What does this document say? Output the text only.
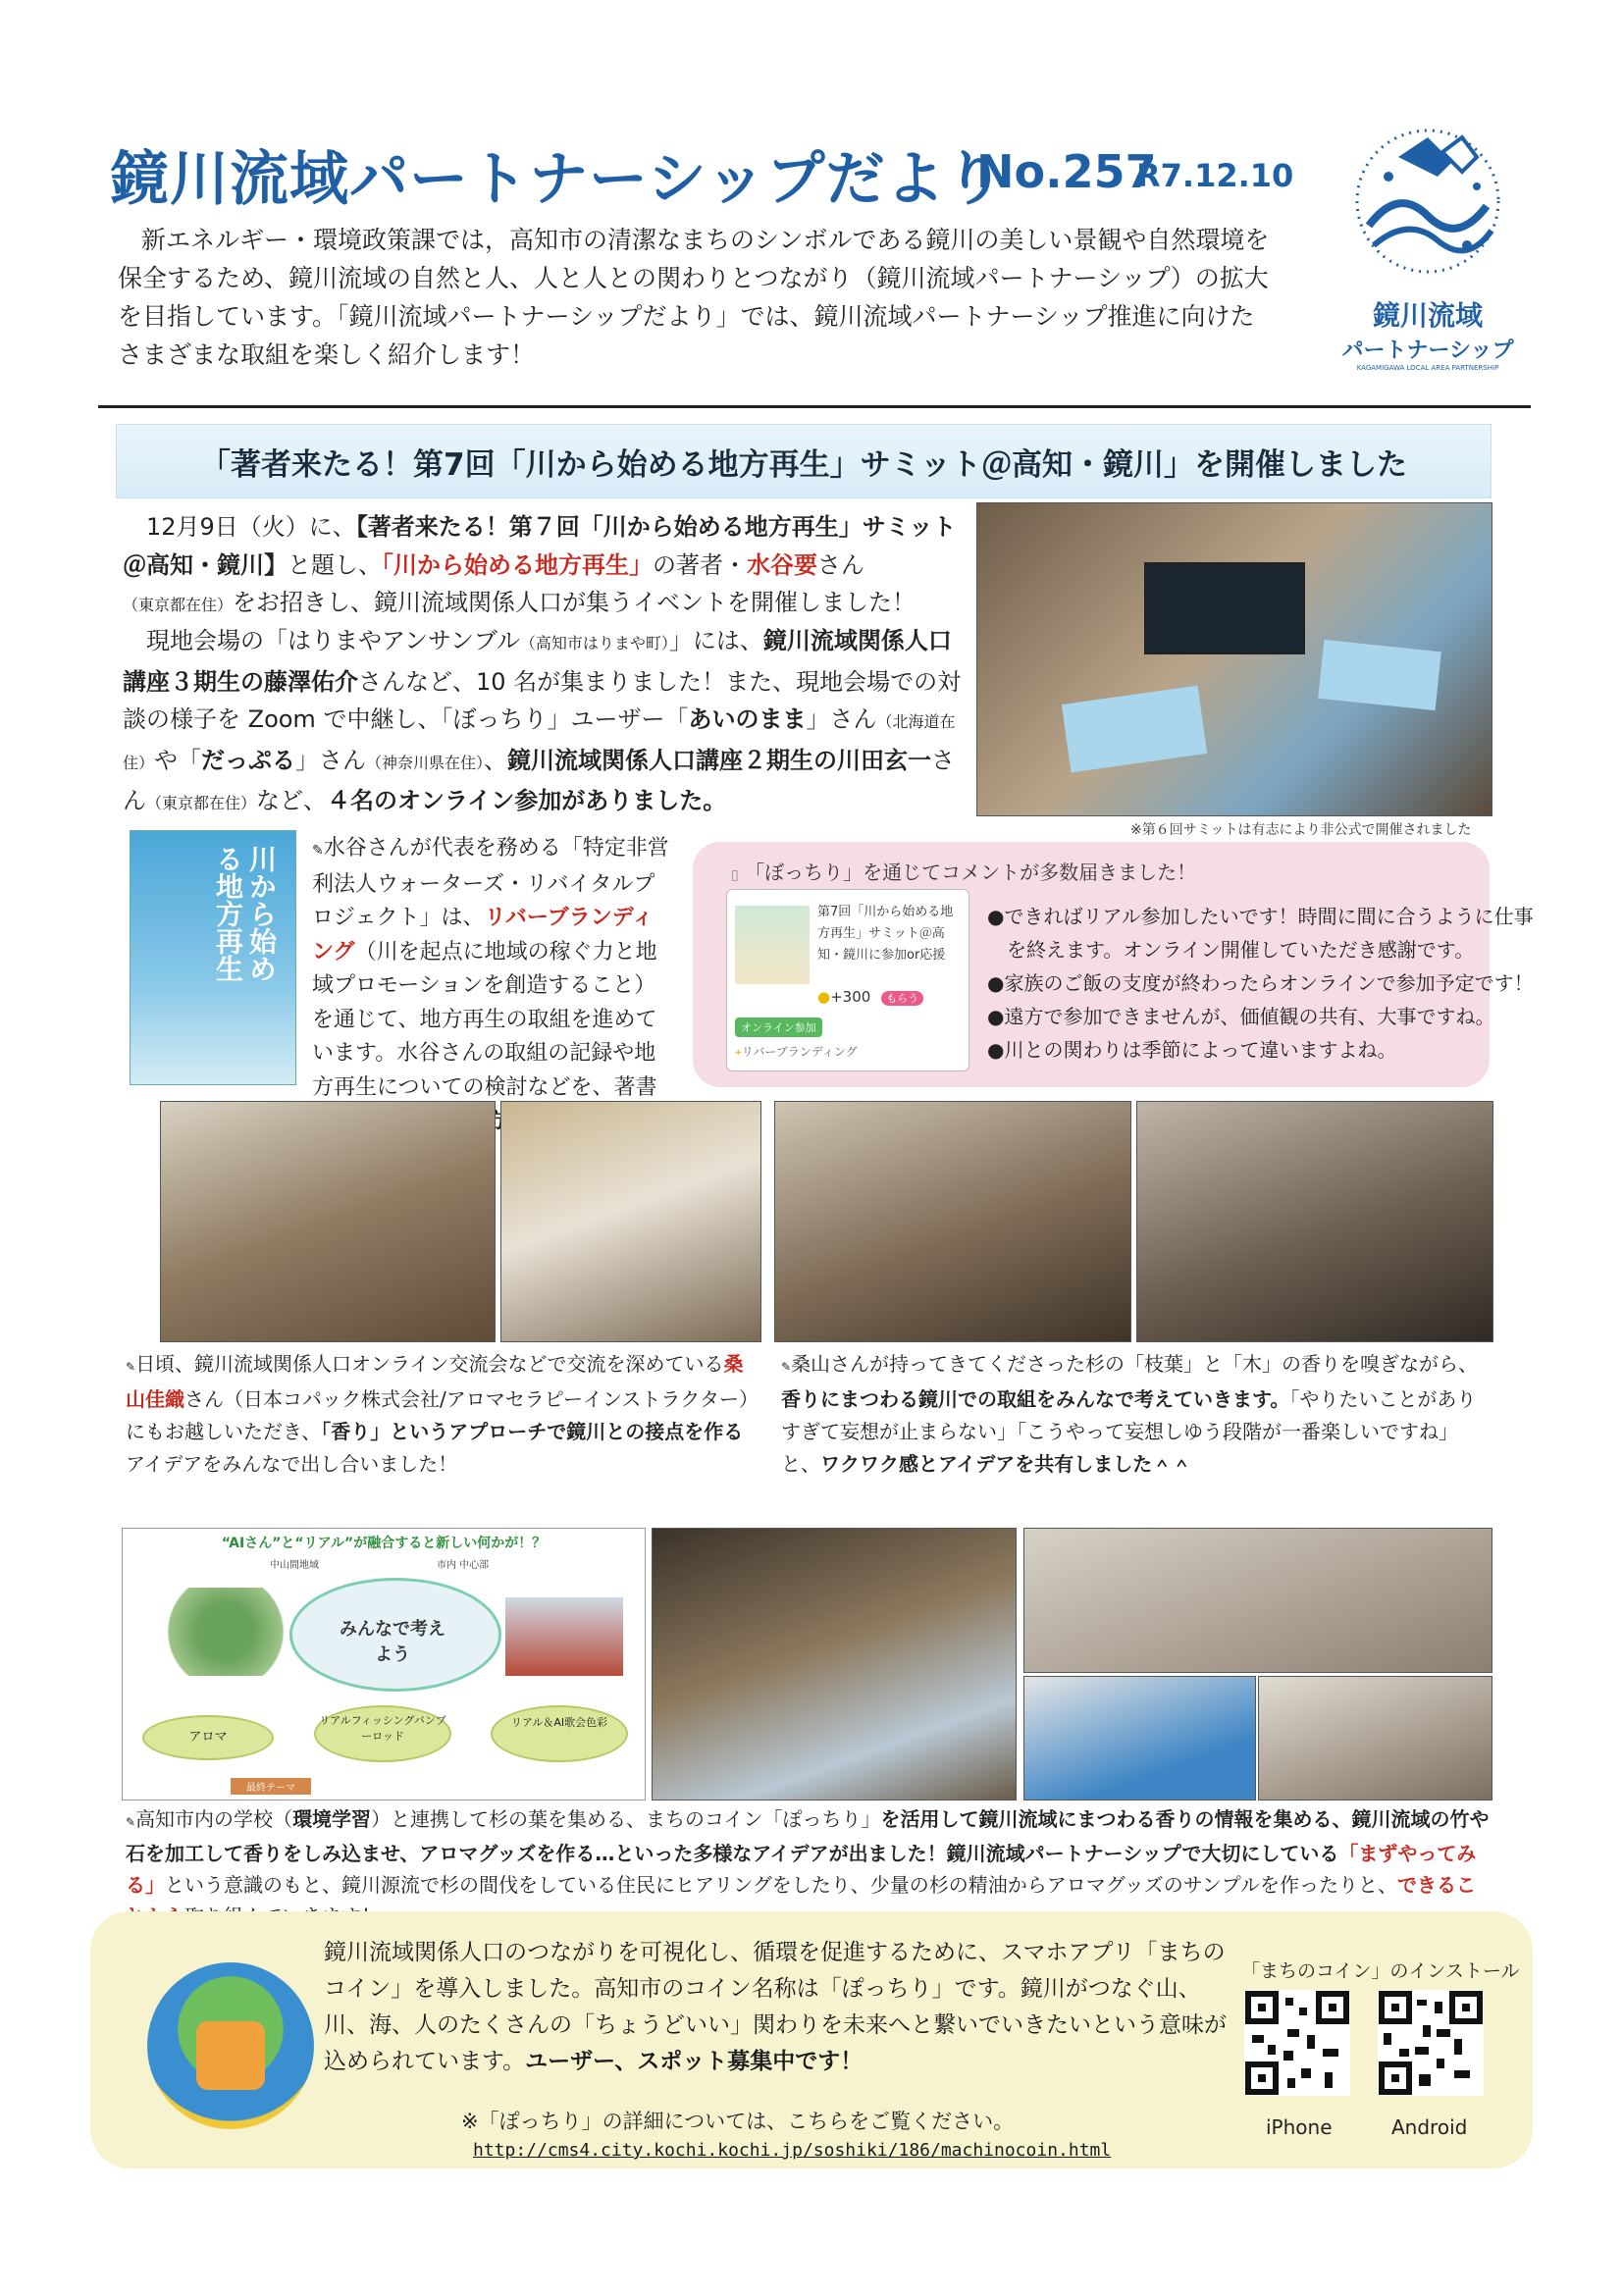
鏡川流域パートナーシップだより
No.257
R7.12.10
新エネルギー・環境政策課では，高知市の清潔なまちのシンボルである鏡川の美しい景観や自然環境を保全するため、鏡川流域の自然と人、人と人との関わりとつながり（鏡川流域パートナーシップ）の拡大を目指しています。「鏡川流域パートナーシップだより」では、鏡川流域パートナーシップ推進に向けたさまざまな取組を楽しく紹介します！
鏡川流域
パートナーシップ
KAGAMIGAWA LOCAL AREA PARTNERSHIP
「著者来たる！第7回「川から始める地方再生」サミット＠高知・鏡川」を開催しました
12月9日（火）に、【著者来たる！第７回「川から始める地方再生」サミット＠高知・鏡川】と題し、「川から始める地方再生」の著者・水谷要さん（東京都在住）をお招きし、鏡川流域関係人口が集うイベントを開催しました！
現地会場の「はりまやアンサンブル（高知市はりまや町）」には、鏡川流域関係人口講座３期生の藤澤佑介さんなど、10 名が集まりました！また、現地会場での対談の様子を Zoom で中継し、「ぼっちり」ユーザー「あいのまま」さん（北海道在住）や「だっぷる」さん（神奈川県在住）、鏡川流域関係人口講座２期生の川田玄一さん（東京都在住）など、４名のオンライン参加がありました。
※第６回サミットは有志により非公式で開催されました
川から始める地方再生	✎水谷さんが代表を務める「特定非営利法人ウォーターズ・リバイタルプロジェクト」は、リバーブランディング（川を起点に地域の稼ぐ力と地域プロモーションを創造すること）を通じて、地方再生の取組を進めています。水谷さんの取組の記録や地方再生についての検討などを、著書
▯ 「ぼっちり」を通じてコメントが多数届きました！
第7回「川から始める地方再生」サミット＠高知・鏡川に参加or応援
●+300 もらう
オンライン参加
⌖リバーブランディング
●できればリアル参加したいです！時間に間に合うように仕事
　を終えます。オンライン開催していただき感謝です。
●家族のご飯の支度が終わったらオンラインで参加予定です！
●遠方で参加できませんが、価値観の共有、大事ですね。
●川との関わりは季節によって違いますよね。
✎日頃、鏡川流域関係人口オンライン交流会などで交流を深めている桑山佳織さん（日本コパック株式会社/アロマセラピーインストラクター）にもお越しいただき、「香り」というアプローチで鏡川との接点を作るアイデアをみんなで出し合いました！
✎桑山さんが持ってきてくださった杉の「枝葉」と「木」の香りを嗅ぎながら、香りにまつわる鏡川での取組をみんなで考えていきます。「やりたいことがありすぎて妄想が止まらない」「こうやって妄想しゆう段階が一番楽しいですね」と、ワクワク感とアイデアを共有しました＾＾
“AIさん”と“リアル”が融合すると新しい何かが！？
中山間地域	市内 中心部
みんなで考えよう
アロマ
リアルフィッシングバンブーロッド
リアル＆AI歌会色彩
最終テーマ
✎高知市内の学校（環境学習）と連携して杉の葉を集める、まちのコイン「ぽっちり」を活用して鏡川流域にまつわる香りの情報を集める、鏡川流域の竹や石を加工して香りをしみ込ませ、アロマグッズを作る…といった多様なアイデアが出ました！鏡川流域パートナーシップで大切にしている「まずやってみる」という意識のもと、鏡川源流で杉の間伐をしている住民にヒアリングをしたり、少量の杉の精油からアロマグッズのサンプルを作ったりと、できるこ
鏡川流域関係人口のつながりを可視化し、循環を促進するために、スマホアプリ「まちのコイン」を導入しました。高知市のコイン名称は「ぽっちり」です。鏡川がつなぐ山、川、海、人のたくさんの「ちょうどいい」関わりを未来へと繋いでいきたいという意味が込められています。ユーザー、スポット募集中です！
※「ぽっちり」の詳細については、こちらをご覧ください。
http://cms4.city.kochi.kochi.jp/soshiki/186/machinocoin.html
「まちのコイン」のインストール
iPhone	Android
